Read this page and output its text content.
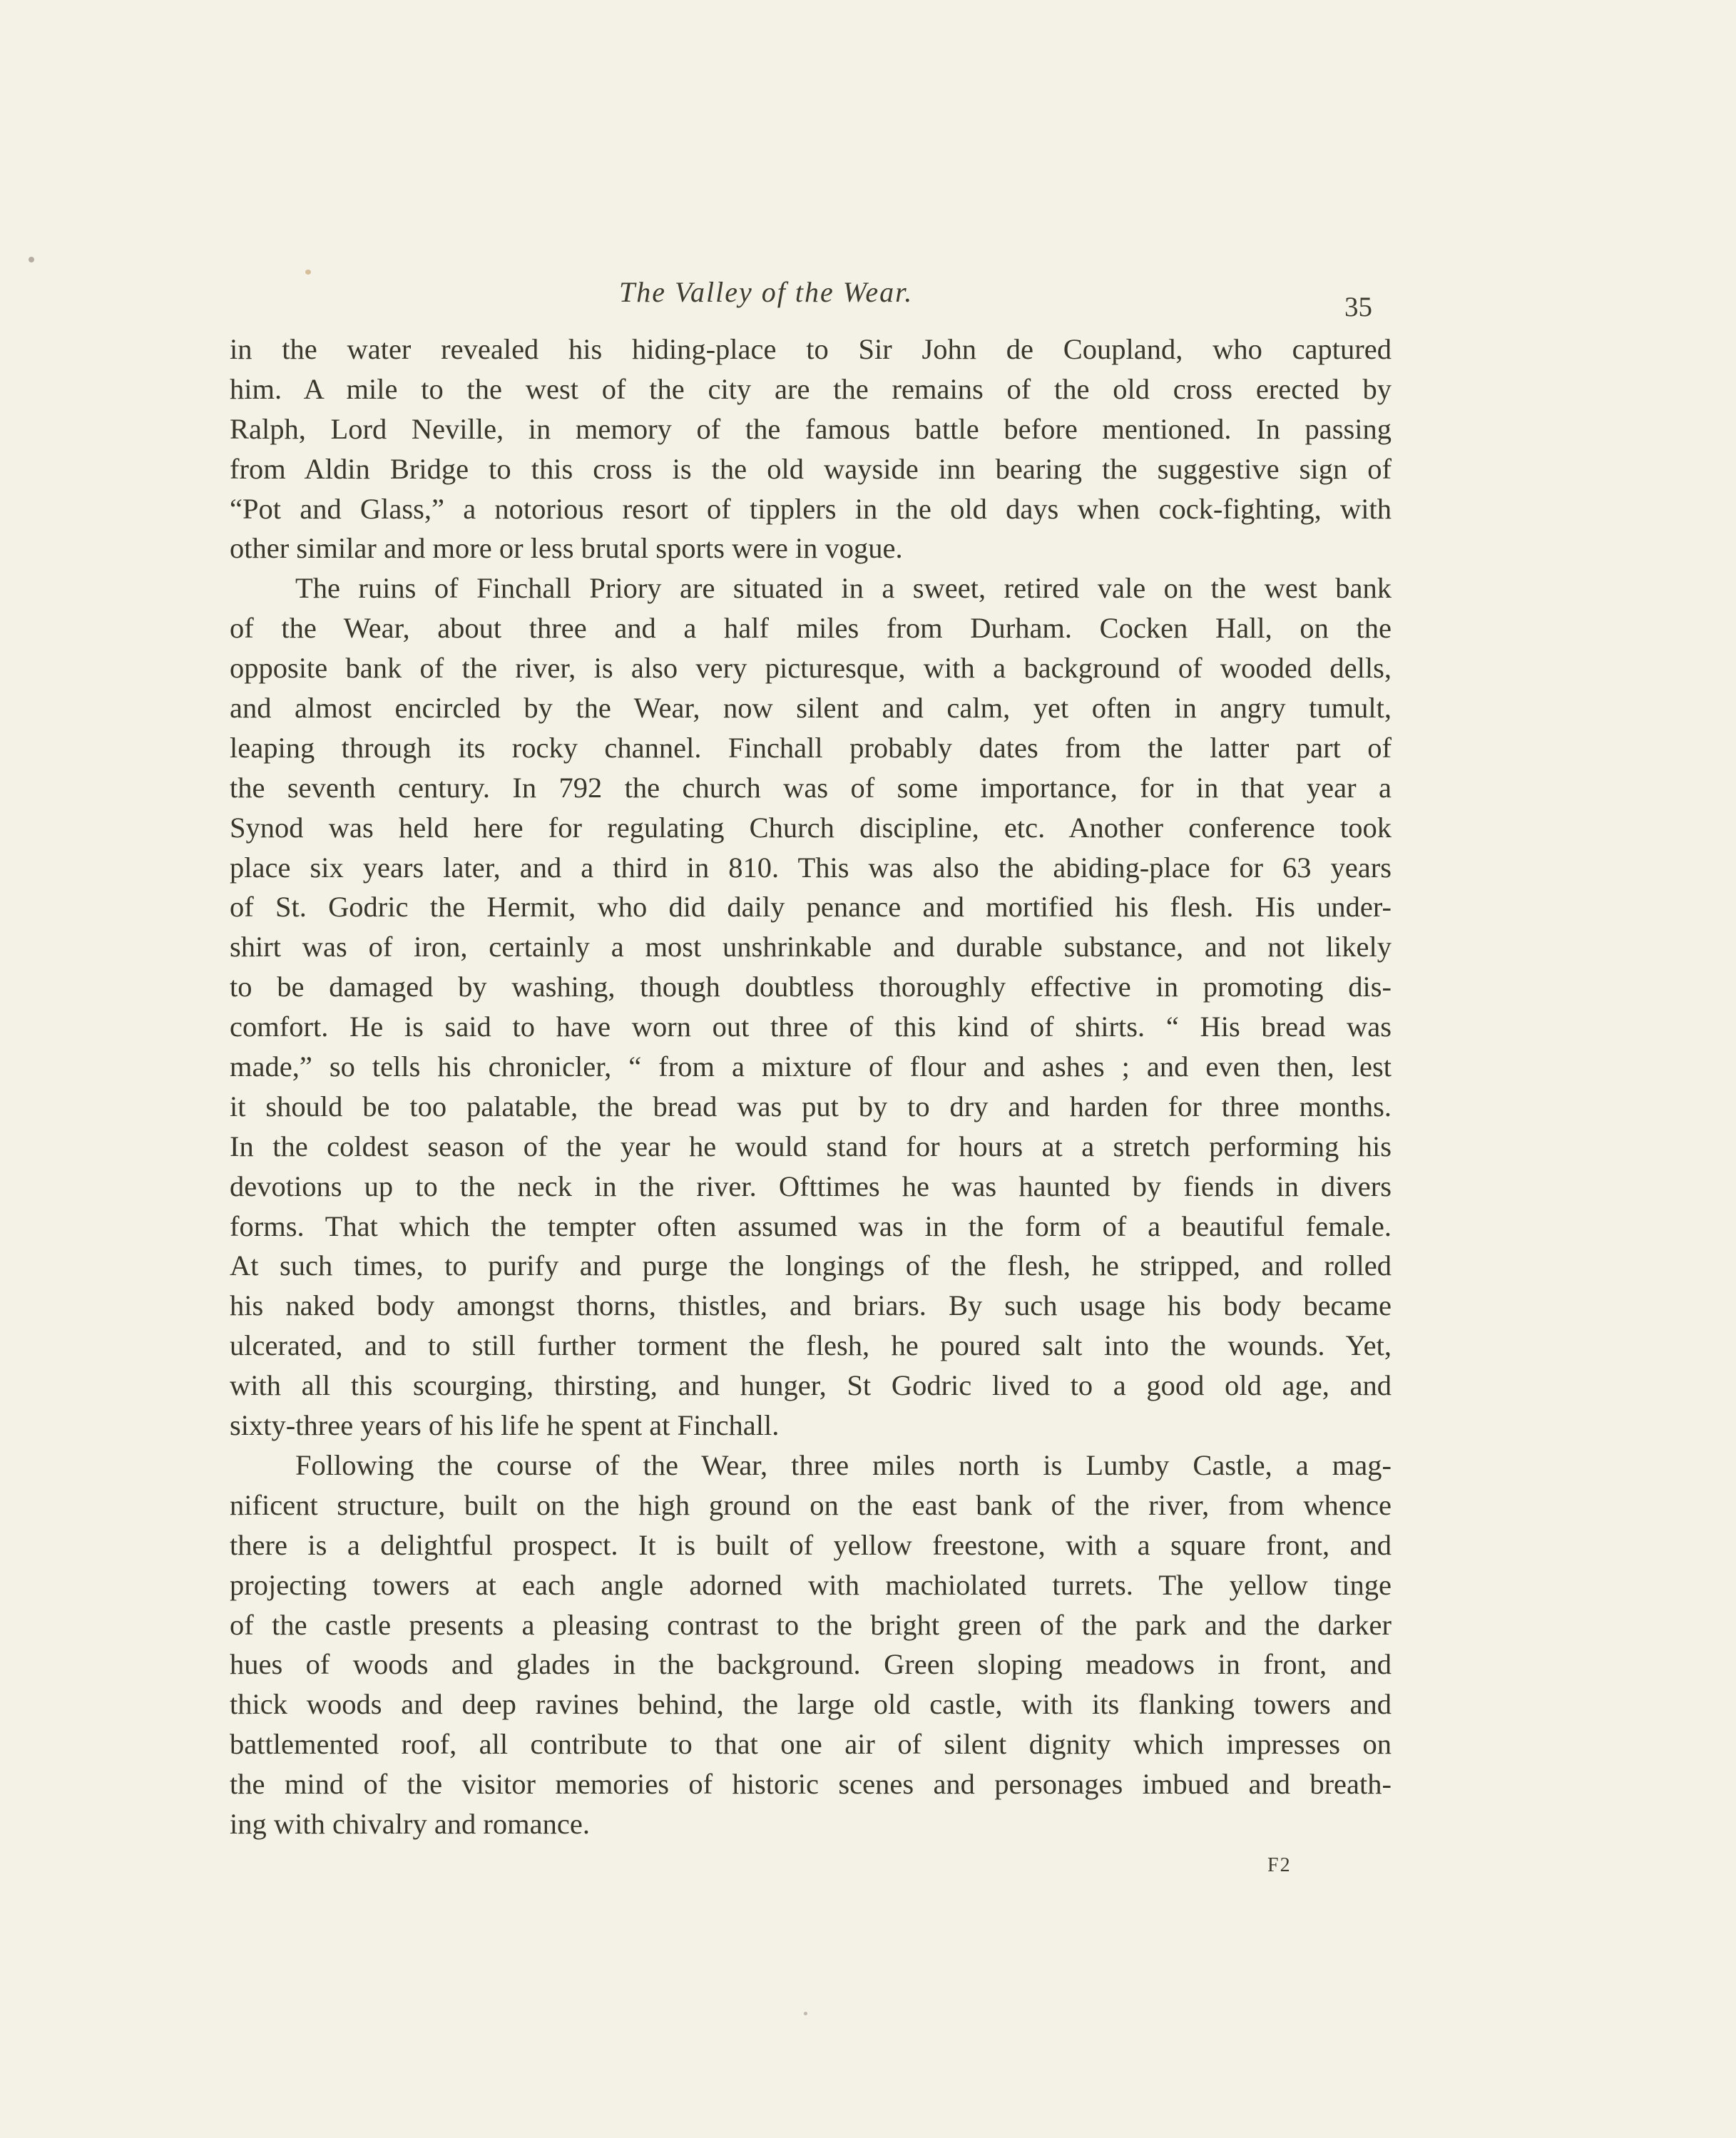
The Valley of the Wear.	35
in the water revealed his hiding-place to Sir John de Coupland, who captured
him. A mile to the west of the city are the remains of the old cross erected by
Ralph, Lord Neville, in memory of the famous battle before mentioned. In passing
from Aldin Bridge to this cross is the old wayside inn bearing the suggestive sign of
“Pot and Glass,” a notorious resort of tipplers in the old days when cock-fighting, with
other similar and more or less brutal sports were in vogue.
The ruins of Finchall Priory are situated in a sweet, retired vale on the west bank
of the Wear, about three and a half miles from Durham. Cocken Hall, on the
opposite bank of the river, is also very picturesque, with a background of wooded dells,
and almost encircled by the Wear, now silent and calm, yet often in angry tumult,
leaping through its rocky channel. Finchall probably dates from the latter part of
the seventh century. In 792 the church was of some importance, for in that year a
Synod was held here for regulating Church discipline, etc. Another conference took
place six years later, and a third in 810. This was also the abiding-place for 63 years
of St. Godric the Hermit, who did daily penance and mortified his flesh. His under-
shirt was of iron, certainly a most unshrinkable and durable substance, and not likely
to be damaged by washing, though doubtless thoroughly effective in promoting dis-
comfort. He is said to have worn out three of this kind of shirts. “ His bread was
made,” so tells his chronicler, “ from a mixture of flour and ashes ; and even then, lest
it should be too palatable, the bread was put by to dry and harden for three months.
In the coldest season of the year he would stand for hours at a stretch performing his
devotions up to the neck in the river. Ofttimes he was haunted by fiends in divers
forms. That which the tempter often assumed was in the form of a beautiful female.
At such times, to purify and purge the longings of the flesh, he stripped, and rolled
his naked body amongst thorns, thistles, and briars. By such usage his body became
ulcerated, and to still further torment the flesh, he poured salt into the wounds. Yet,
with all this scourging, thirsting, and hunger, St Godric lived to a good old age, and
sixty-three years of his life he spent at Finchall.
Following the course of the Wear, three miles north is Lumby Castle, a mag-
nificent structure, built on the high ground on the east bank of the river, from whence
there is a delightful prospect. It is built of yellow freestone, with a square front, and
projecting towers at each angle adorned with machiolated turrets. The yellow tinge
of the castle presents a pleasing contrast to the bright green of the park and the darker
hues of woods and glades in the background. Green sloping meadows in front, and
thick woods and deep ravines behind, the large old castle, with its flanking towers and
battlemented roof, all contribute to that one air of silent dignity which impresses on
the mind of the visitor memories of historic scenes and personages imbued and breath-
ing with chivalry and romance.
F2
